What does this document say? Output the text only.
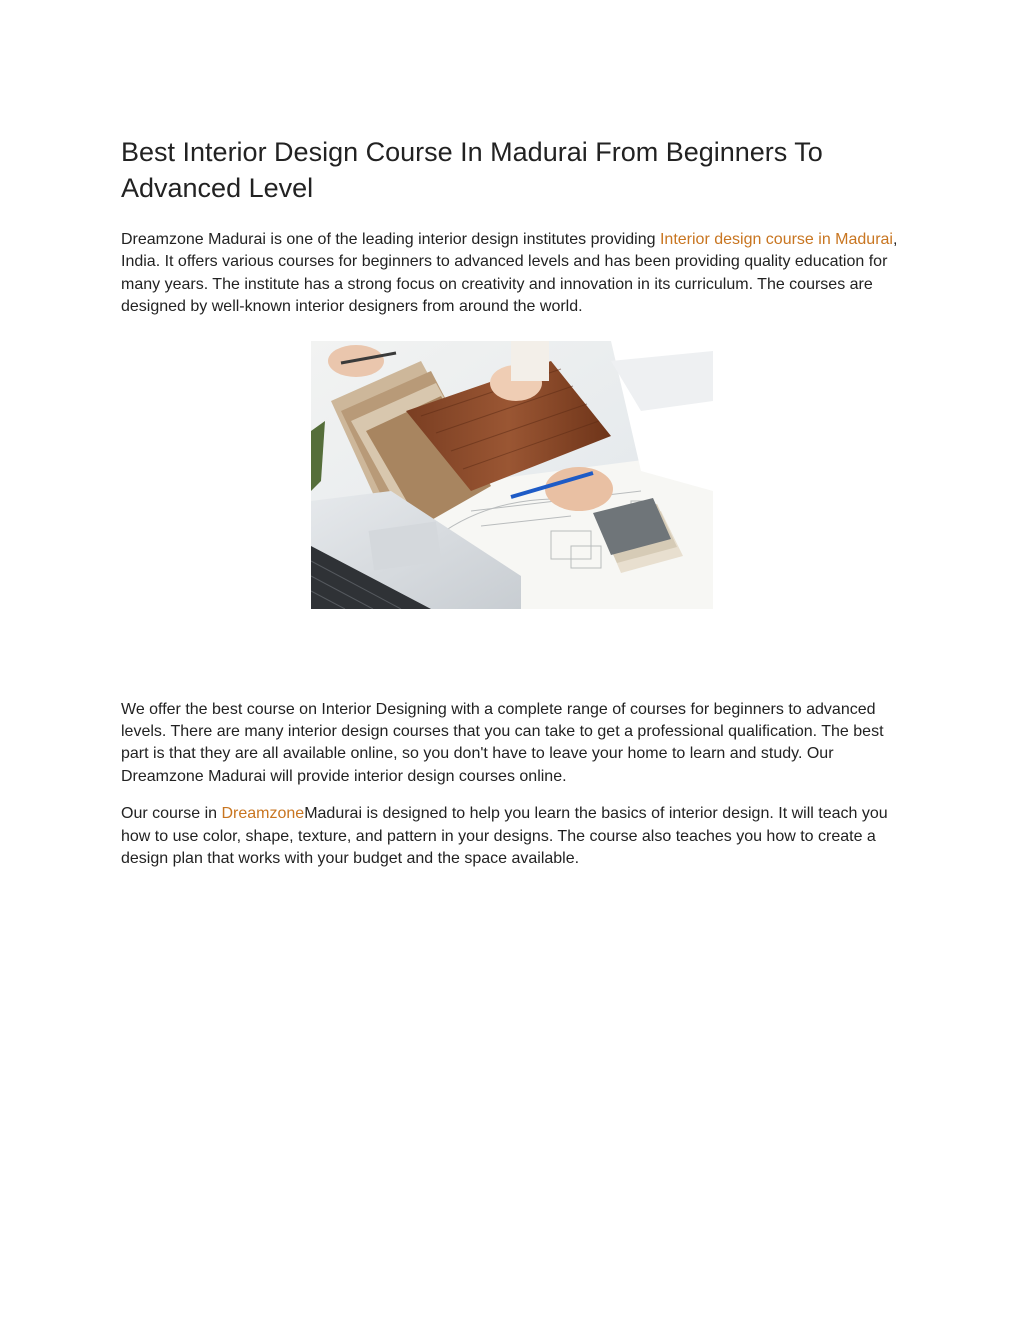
Best Interior Design Course In Madurai From Beginners To Advanced Level

Dreamzone Madurai is one of the leading interior design institutes providing Interior design course in Madurai, India. It offers various courses for beginners to advanced levels and has been providing quality education for many years. The institute has a strong focus on creativity and innovation in its curriculum. The courses are designed by well-known interior designers from around the world.

We offer the best course on Interior Designing with a complete range of courses for beginners to advanced levels. There are many interior design courses that you can take to get a professional qualification. The best part is that they are all available online, so you don't have to leave your home to learn and study. Our Dreamzone Madurai will provide interior design courses online.

Our course in DreamzoneMadurai is designed to help you learn the basics of interior design. It will teach you how to use color, shape, texture, and pattern in your designs. The course also teaches you how to create a design plan that works with your budget and the space available.
